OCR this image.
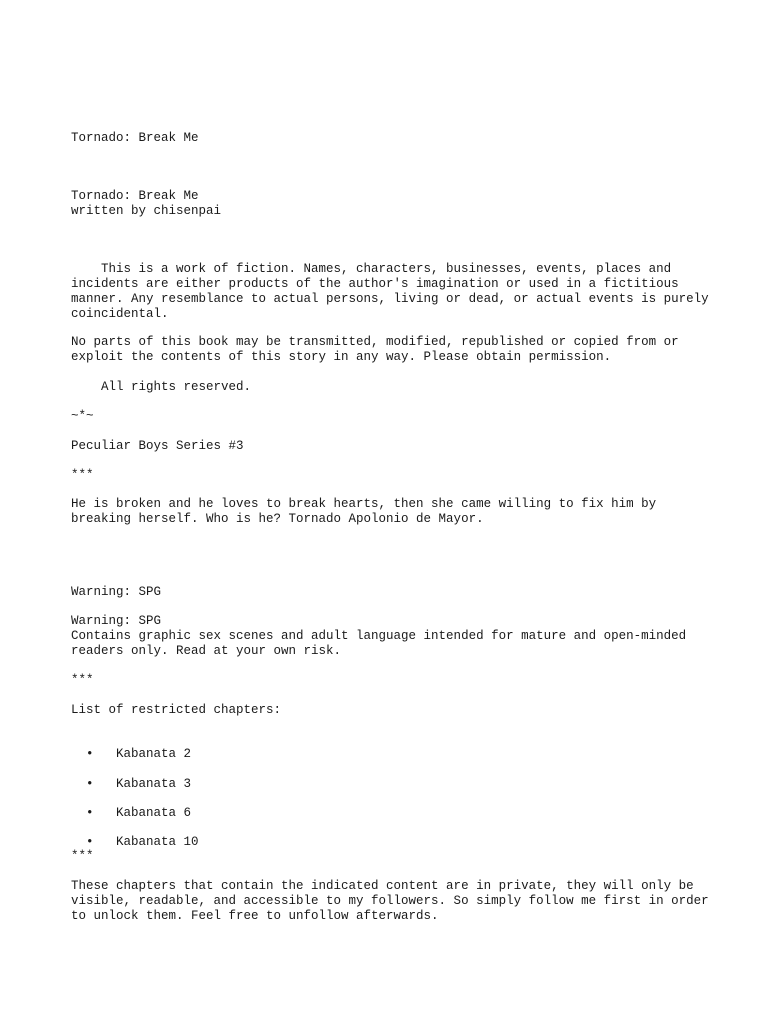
Tornado: Break Me
Tornado: Break Me
written by chisenpai

This is a work of fiction. Names, characters, businesses, events, places and incidents are either products of the author's imagination or used in a fictitious manner. Any resemblance to actual persons, living or dead, or actual events is purely coincidental.

No parts of this book may be transmitted, modified, republished or copied from or exploit the contents of this story in any way. Please obtain permission.

All rights reserved.
~*~
Peculiar Boys Series #3
***

He is broken and he loves to break hearts, then she came willing to fix him by breaking herself. Who is he? Tornado Apolonio de Mayor.

Warning: SPG
Warning: SPG

Contains graphic sex scenes and adult language intended for mature and open-minded readers only. Read at your own risk.

***
List of restricted chapters:

• Kabanata 2

• Kabanata 3

• Kabanata 6

• Kabanata 10

***

These chapters that contain the indicated content are in private, they will only be visible, readable, and accessible to my followers. So simply follow me first in order to unlock them. Feel free to unfollow afterwards.
